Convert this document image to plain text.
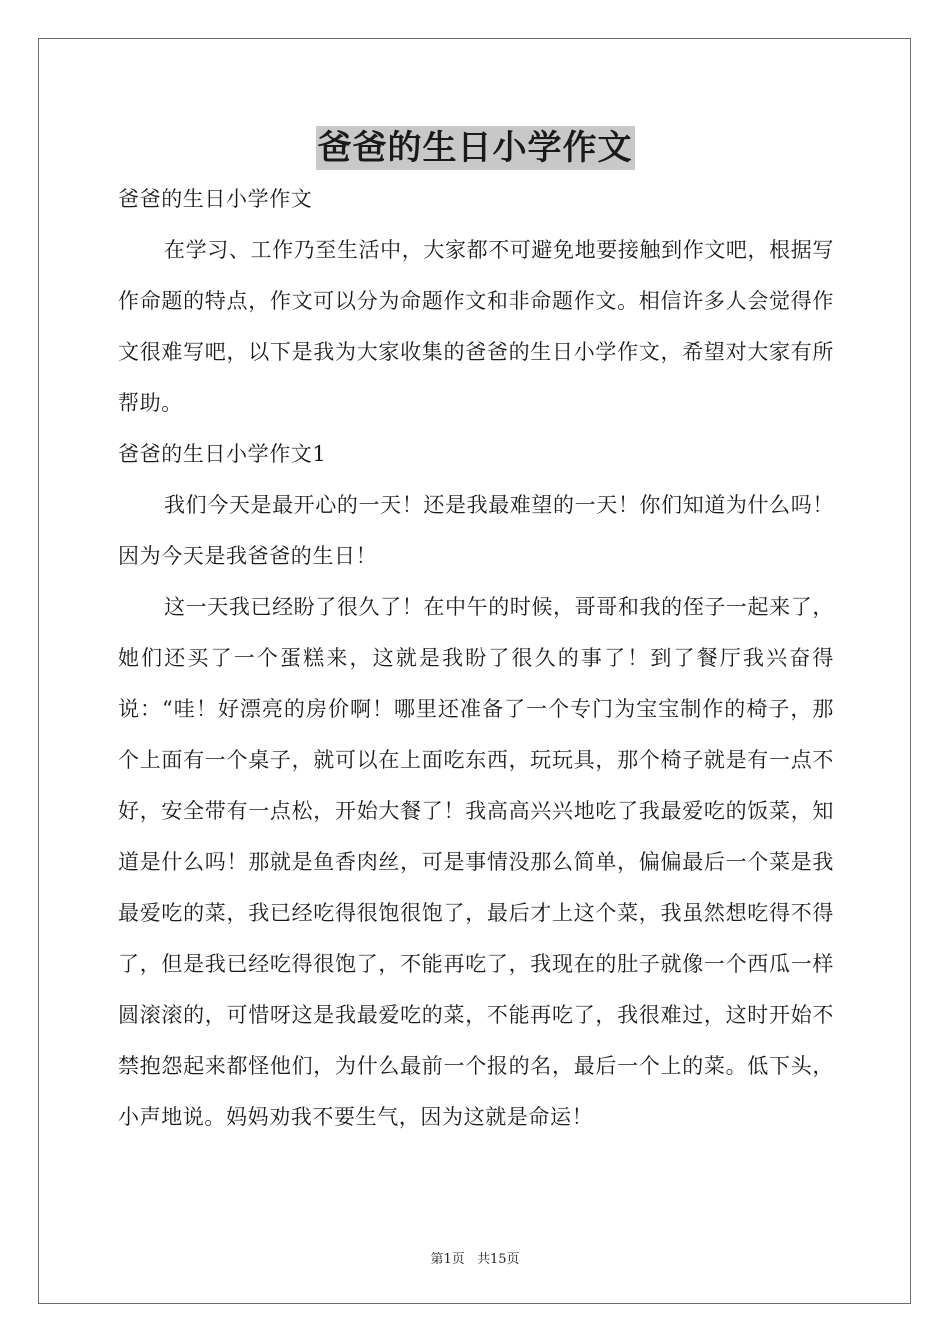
爸爸的生日小学作文

爸爸的生日小学作文

在学习、工作乃至生活中，大家都不可避免地要接触到作文吧，根据写作命题的特点，作文可以分为命题作文和非命题作文。相信许多人会觉得作文很难写吧，以下是我为大家收集的爸爸的生日小学作文，希望对大家有所帮助。

爸爸的生日小学作文1

我们今天是最开心的一天！还是我最难望的一天！你们知道为什么吗！因为今天是我爸爸的生日！

这一天我已经盼了很久了！在中午的时候，哥哥和我的侄子一起来了，她们还买了一个蛋糕来，这就是我盼了很久的事了！到了餐厅我兴奋得说：“哇！好漂亮的房价啊！哪里还准备了一个专门为宝宝制作的椅子，那个上面有一个桌子，就可以在上面吃东西，玩玩具，那个椅子就是有一点不好，安全带有一点松，开始大餐了！我高高兴兴地吃了我最爱吃的饭菜，知道是什么吗！那就是鱼香肉丝，可是事情没那么简单，偏偏最后一个菜是我最爱吃的菜，我已经吃得很饱很饱了，最后才上这个菜，我虽然想吃得不得了，但是我已经吃得很饱了，不能再吃了，我现在的肚子就像一个西瓜一样圆滚滚的，可惜呀这是我最爱吃的菜，不能再吃了，我很难过，这时开始不禁抱怨起来都怪他们，为什么最前一个报的名，最后一个上的菜。低下头，小声地说。妈妈劝我不要生气，因为这就是命运！

第1页 共15页
